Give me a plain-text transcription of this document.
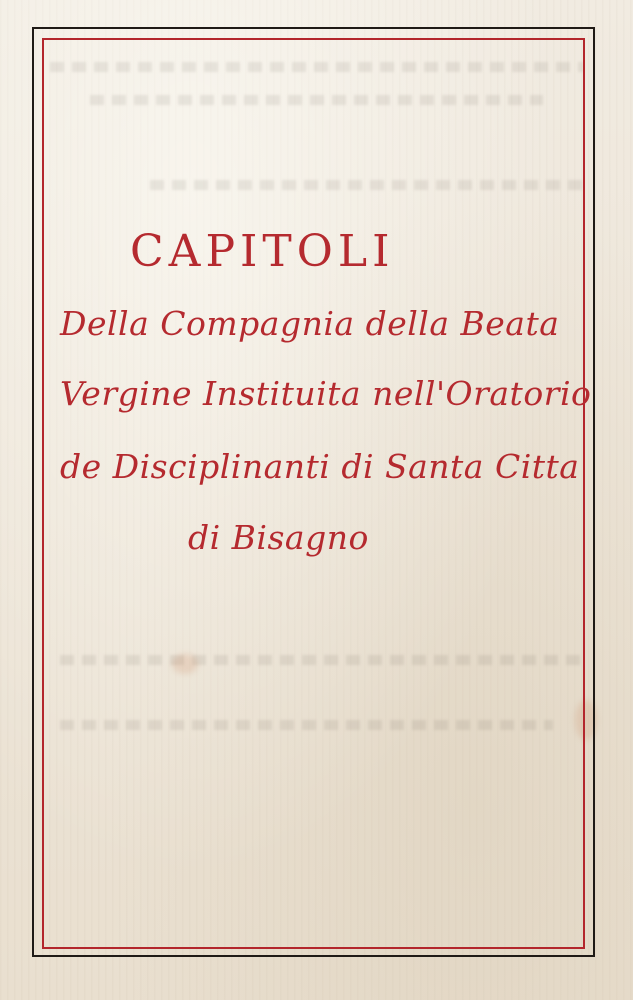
CAPITOLI

Della Compagnia della Beata

Vergine Instituita nell'Oratorio

de Disciplinanti di Santa Citta

di Bisagno
